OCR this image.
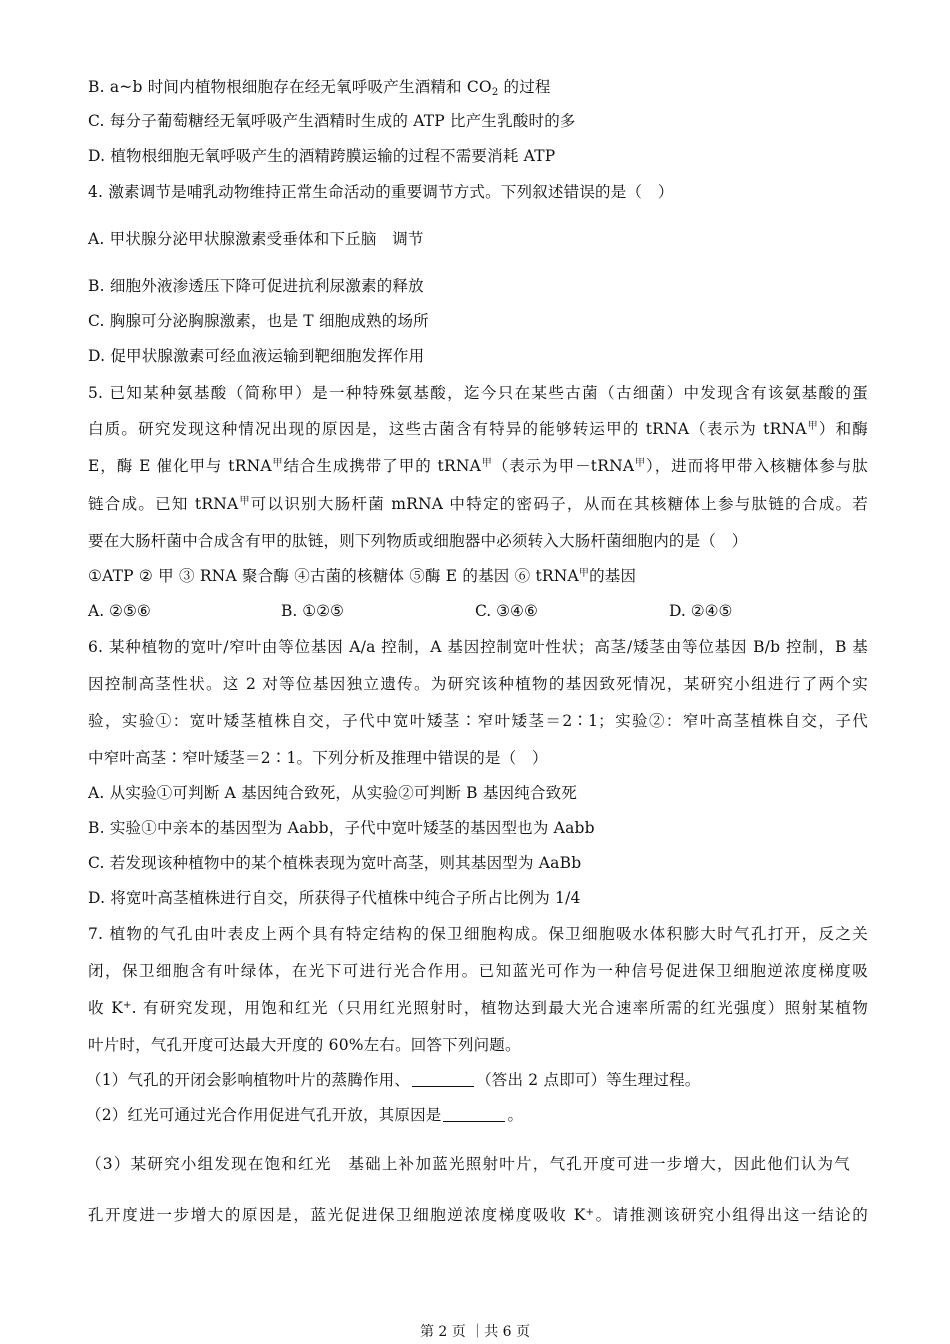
B. a~b 时间内植物根细胞存在经无氧呼吸产生酒精和 $CO_2$ 的过程
C. 每分子葡萄糖经无氧呼吸产生酒精时生成的 ATP 比产生乳酸时的多
D. 植物根细胞无氧呼吸产生的酒精跨膜运输的过程不需要消耗 ATP
4. 激素调节是哺乳动物维持正常生命活动的重要调节方式。下列叙述错误的是（　）
A. 甲状腺分泌甲状腺激素受垂体和下丘脑　调节
B. 细胞外液渗透压下降可促进抗利尿激素的释放
C. 胸腺可分泌胸腺激素，也是 T 细胞成熟的场所
D. 促甲状腺激素可经血液运输到靶细胞发挥作用
5. 已知某种氨基酸（简称甲）是一种特殊氨基酸，迄今只在某些古菌（古细菌）中发现含有该氨基酸的蛋
白质。研究发现这种情况出现的原因是，这些古菌含有特异的能够转运甲的 tRNA（表示为 tRNA$^甲$）和酶
E，酶 E 催化甲与 tRNA$^甲$结合生成携带了甲的 tRNA$^甲$（表示为甲－tRNA$^甲$），进而将甲带入核糖体参与肽
链合成。已知 tRNA$^甲$可以识别大肠杆菌 mRNA 中特定的密码子，从而在其核糖体上参与肽链的合成。若
要在大肠杆菌中合成含有甲的肽链，则下列物质或细胞器中必须转入大肠杆菌细胞内的是（　）
①ATP ② 甲 ③ RNA 聚合酶 ④古菌的核糖体 ⑤酶 E 的基因 ⑥ tRNA$^甲$的基因
A. ②⑤⑥	B. ①②⑤	C. ③④⑥	D. ②④⑤
6. 某种植物的宽叶/窄叶由等位基因 A/a 控制，A 基因控制宽叶性状；高茎/矮茎由等位基因 B/b 控制，B 基
因控制高茎性状。这 2 对等位基因独立遗传。为研究该种植物的基因致死情况，某研究小组进行了两个实
验，实验①：宽叶矮茎植株自交，子代中宽叶矮茎∶窄叶矮茎＝2∶1；实验②：窄叶高茎植株自交，子代
中窄叶高茎∶窄叶矮茎＝2∶1。下列分析及推理中错误的是（　）
A. 从实验①可判断 A 基因纯合致死，从实验②可判断 B 基因纯合致死
B. 实验①中亲本的基因型为 Aabb，子代中宽叶矮茎的基因型也为 Aabb
C. 若发现该种植物中的某个植株表现为宽叶高茎，则其基因型为 AaBb
D. 将宽叶高茎植株进行自交，所获得子代植株中纯合子所占比例为 1/4
7. 植物的气孔由叶表皮上两个具有特定结构的保卫细胞构成。保卫细胞吸水体积膨大时气孔打开，反之关
闭，保卫细胞含有叶绿体，在光下可进行光合作用。已知蓝光可作为一种信号促进保卫细胞逆浓度梯度吸
收 K+. 有研究发现，用饱和红光（只用红光照射时，植物达到最大光合速率所需的红光强度）照射某植物
叶片时，气孔开度可达最大开度的 60%左右。回答下列问题。
（1）气孔的开闭会影响植物叶片的蒸腾作用、	（答出 2 点即可）等生理过程。
（2）红光可通过光合作用促进气孔开放，其原因是	。
（3）某研究小组发现在饱和红光　基础上补加蓝光照射叶片，气孔开度可进一步增大，因此他们认为气
孔开度进一步增大的原因是，蓝光促进保卫细胞逆浓度梯度吸收 K+。请推测该研究小组得出这一结论的
第 2 页 ｜共 6 页
